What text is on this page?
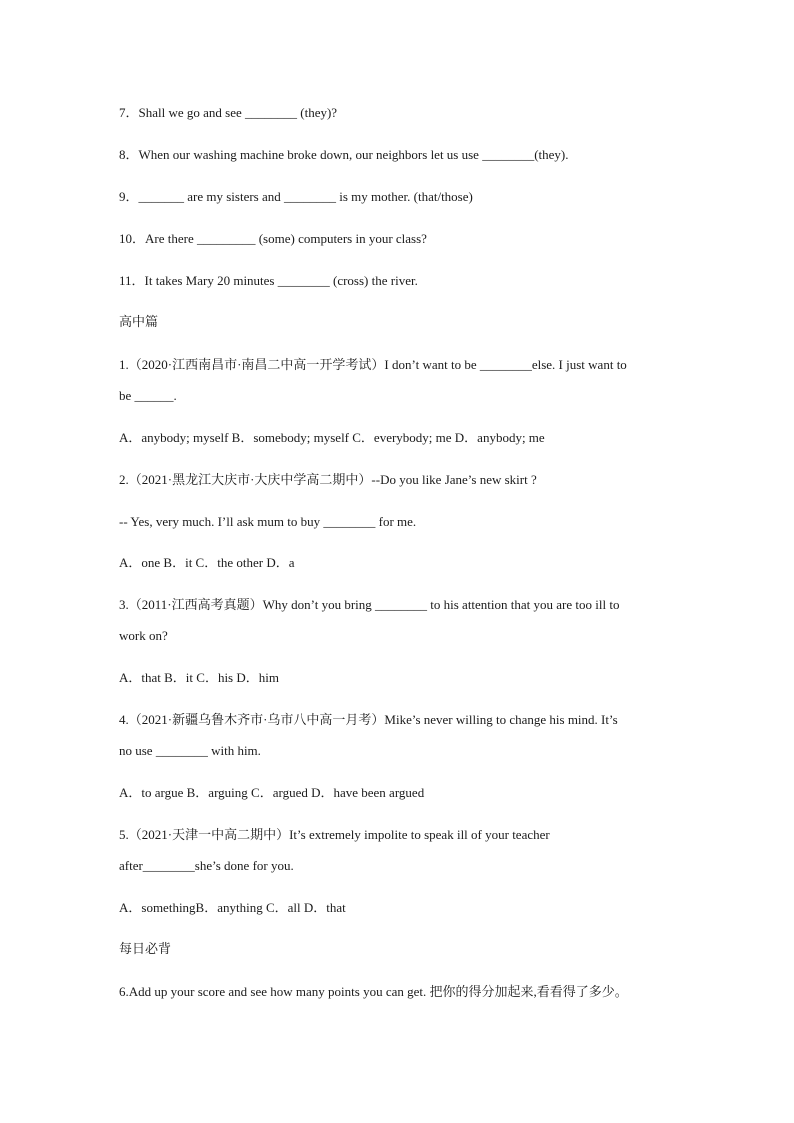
7．Shall we go and see ________ (they)?
8．When our washing machine broke down, our neighbors let us use ________(they).
9．_______ are my sisters and ________ is my mother. (that/those)
10．Are there _________ (some) computers in your class?
11．It takes Mary 20 minutes ________ (cross) the river.
高中篇
1.（2020·江西南昌市·南昌二中高一开学考试）I don’t want to be ________else. I just want to
be ______.
A．anybody; myself B．somebody; myself C．everybody; me D．anybody; me
2.（2021·黑龙江大庆市·大庆中学高二期中）--Do you like Jane’s new skirt ?
-- Yes, very much. I’ll ask mum to buy ________ for me.
A．one B．it C．the other D．a
3.（2011·江西高考真题）Why don’t you bring ________ to his attention that you are too ill to
work on?
A．that B．it C．his D．him
4.（2021·新疆乌鲁木齐市·乌市八中高一月考）Mike’s never willing to change his mind. It’s
no use ________ with him.
A．to argue B．arguing C．argued D．have been argued
5.（2021·天津一中高二期中）It’s extremely impolite to speak ill of your teacher
after________she’s done for you.
A．somethingB．anything C．all D．that
每日必背
6.Add up your score and see how many points you can get. 把你的得分加起来,看看得了多少。
